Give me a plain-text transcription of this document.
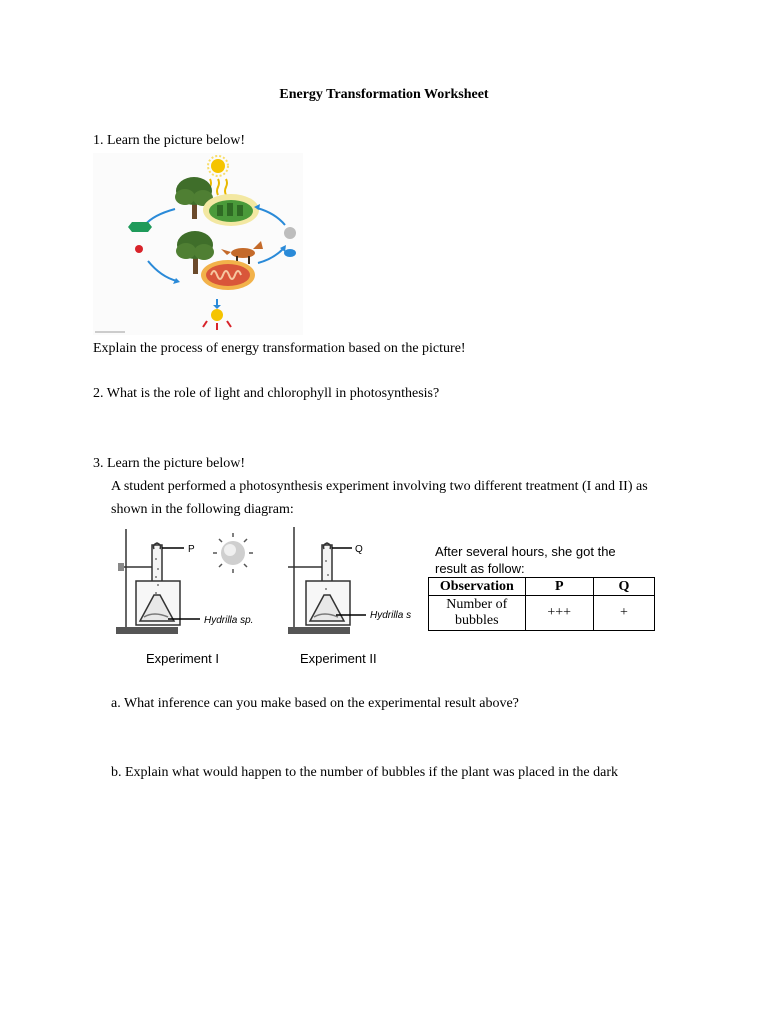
Energy Transformation Worksheet
1. Learn the picture below!
Explain the process of energy transformation based on the picture!
2. What is the role of light and chlorophyll in photosynthesis?
3. Learn the picture below!
A student performed a photosynthesis experiment involving two different treatment (I and II) as
shown in the following diagram:
P
Hydrilla sp.
Q
Hydrilla s
Experiment I	Experiment II
After several hours, she got the
result as follow:
Observation	P	Q

Number of
bubbles	+++	+
a. What inference can you make based on the experimental result above?
b. Explain what would happen to the number of bubbles if the plant was placed in the dark
